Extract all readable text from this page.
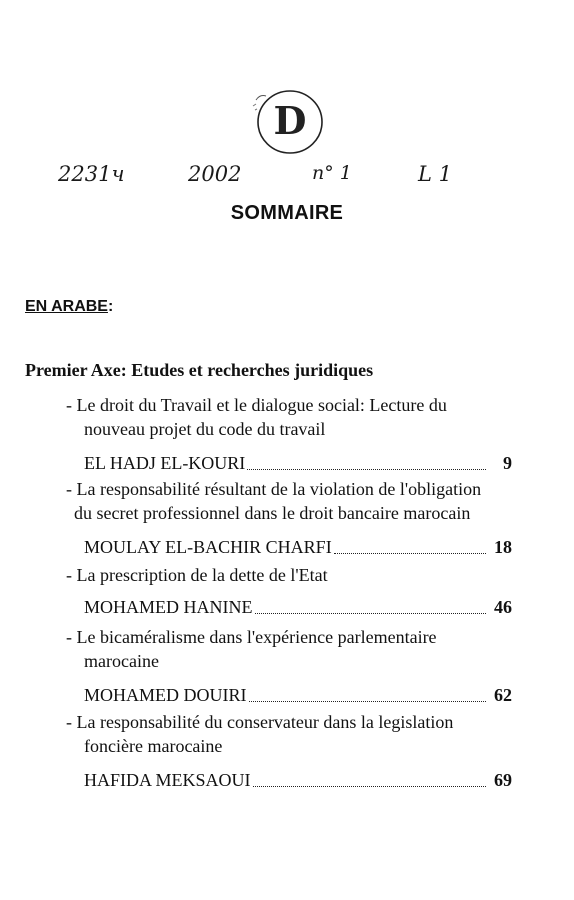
D
2231ч	2002	n° 1	L 1
SOMMAIRE
EN ARABE:
Premier Axe: Etudes et recherches juridiques

- Le droit du Travail et le dialogue social: Lecture du

nouveau projet du code du travail

EL HADJ EL-KOURI	9

- La responsabilité résultant de la violation de l'obligation

du secret professionnel dans le droit bancaire marocain

MOULAY EL-BACHIR CHARFI	18

- La prescription de la dette de l'Etat

MOHAMED HANINE	46

- Le bicaméralisme dans l'expérience parlementaire

marocaine

MOHAMED DOUIRI	62

- La responsabilité du conservateur dans la legislation

foncière marocaine

HAFIDA MEKSAOUI	69
